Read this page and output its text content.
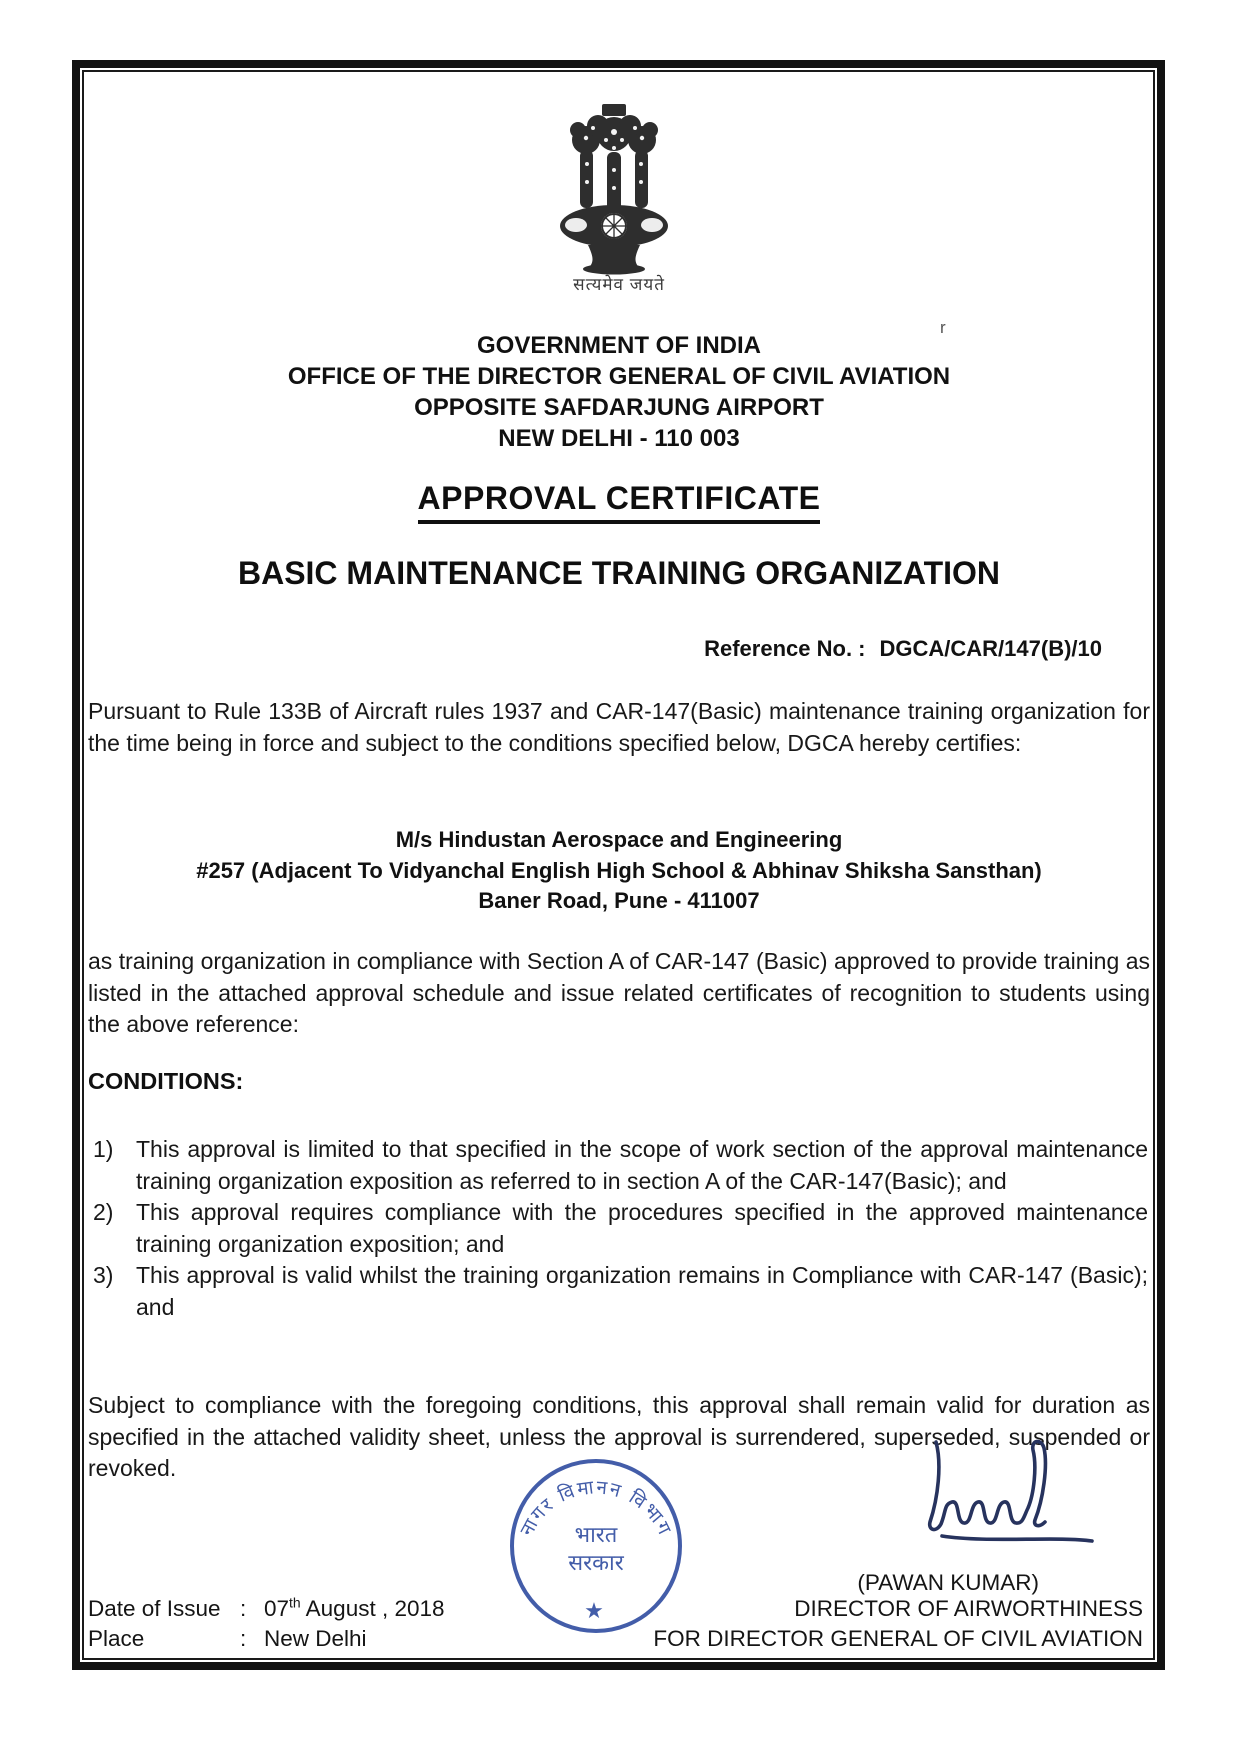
सत्यमेव जयते
r
GOVERNMENT OF INDIA
OFFICE OF THE DIRECTOR GENERAL OF CIVIL AVIATION
OPPOSITE SAFDARJUNG AIRPORT
NEW DELHI - 110 003
APPROVAL CERTIFICATE
BASIC MAINTENANCE TRAINING ORGANIZATION
Reference No. : DGCA/CAR/147(B)/10
Pursuant to Rule 133B of Aircraft rules 1937 and CAR-147(Basic) maintenance training organization for the time being in force and subject to the conditions specified below, DGCA hereby certifies:
M/s Hindustan Aerospace and Engineering
#257 (Adjacent To Vidyanchal English High School & Abhinav Shiksha Sansthan)
Baner Road, Pune - 411007
as training organization in compliance with Section A of CAR-147 (Basic) approved to provide training as listed in the attached approval schedule and issue related certificates of recognition to students using the above reference:
CONDITIONS:
1) This approval is limited to that specified in the scope of work section of the approval maintenance training organization exposition as referred to in section A of the CAR-147(Basic); and
2) This approval requires compliance with the procedures specified in the approved maintenance training organization exposition; and
3) This approval is valid whilst the training organization remains in Compliance with CAR-147 (Basic); and
Subject to compliance with the foregoing conditions, this approval shall remain valid for duration as specified in the attached validity sheet, unless the approval is surrendered, superseded, suspended or revoked.
नागर विमानन विभाग
भारत
सरकार
★
(PAWAN KUMAR)
DIRECTOR OF AIRWORTHINESS
FOR DIRECTOR GENERAL OF CIVIL AVIATION
Date of Issue : 07th August , 2018
Place	: New Delhi
